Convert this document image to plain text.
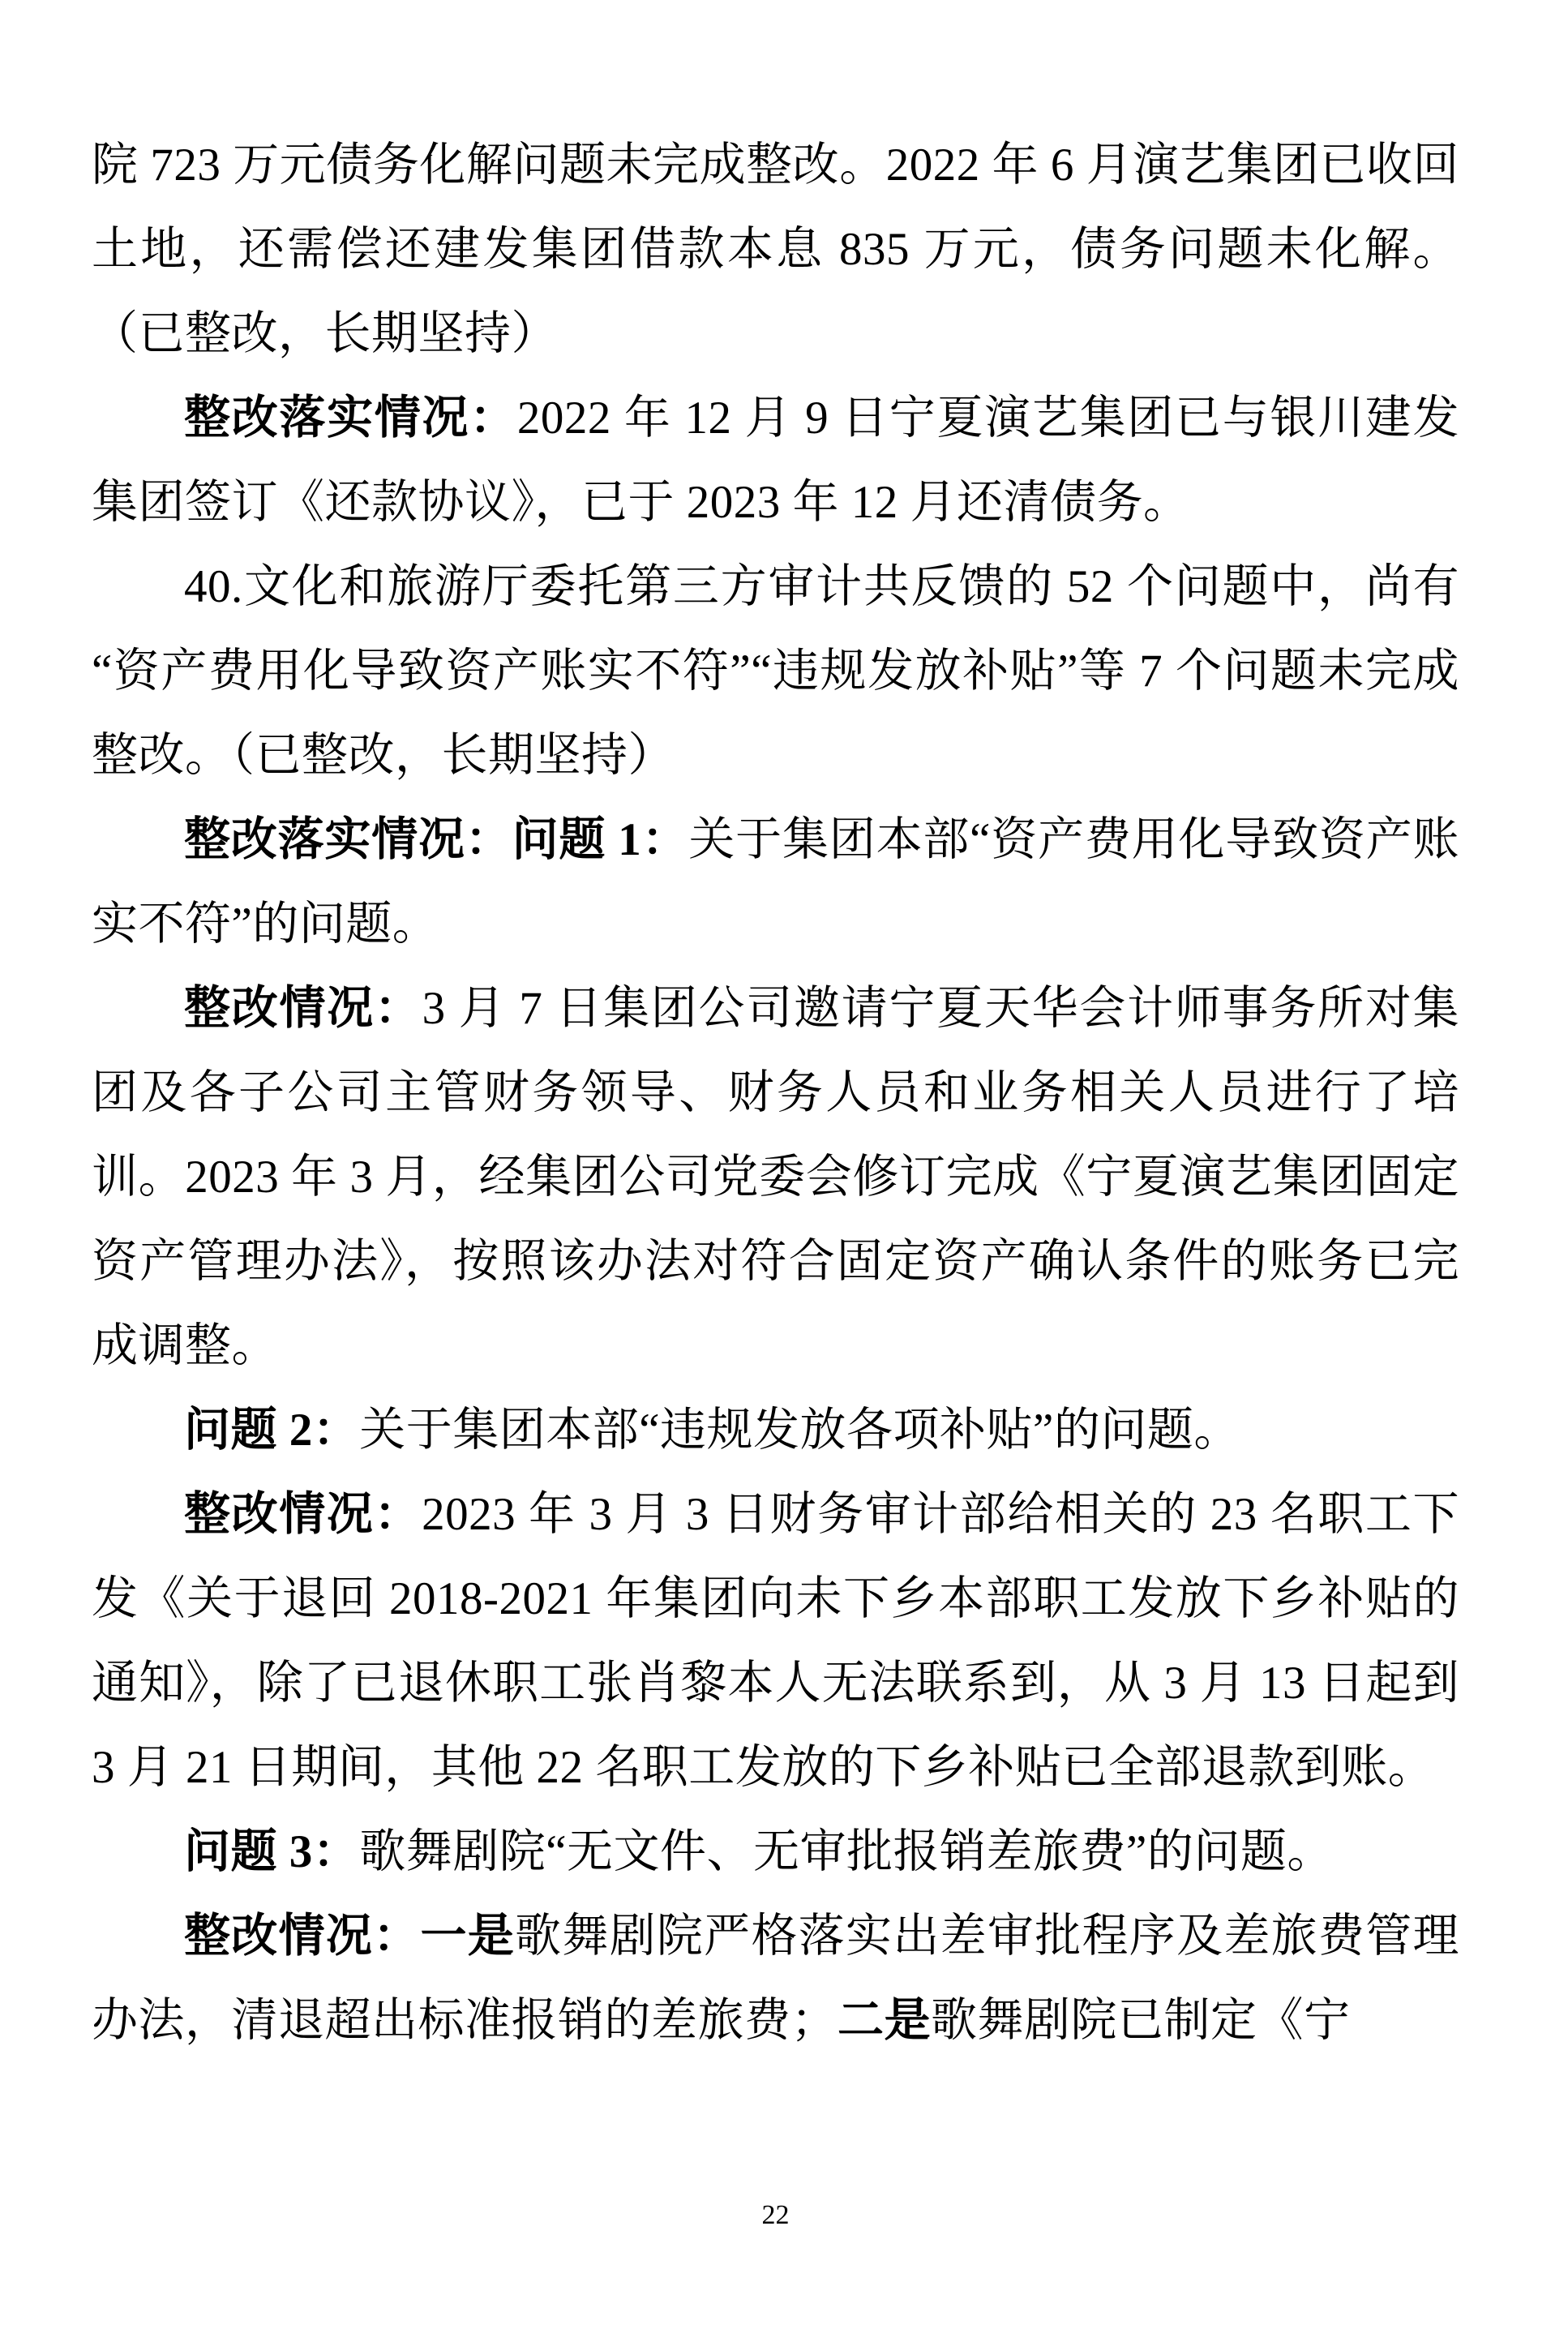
院 723 万元债务化解问题未完成整改。2022 年 6 月演艺集团已收回土地，还需偿还建发集团借款本息 835 万元，债务问题未化解。（已整改，长期坚持）

整改落实情况：2022 年 12 月 9 日宁夏演艺集团已与银川建发集团签订《还款协议》，已于 2023 年 12 月还清债务。

40.文化和旅游厅委托第三方审计共反馈的 52 个问题中，尚有“资产费用化导致资产账实不符”“违规发放补贴”等 7 个问题未完成整改。（已整改，长期坚持）

整改落实情况：问题 1：关于集团本部“资产费用化导致资产账实不符”的问题。

整改情况：3 月 7 日集团公司邀请宁夏天华会计师事务所对集团及各子公司主管财务领导、财务人员和业务相关人员进行了培训。2023 年 3 月，经集团公司党委会修订完成《宁夏演艺集团固定资产管理办法》，按照该办法对符合固定资产确认条件的账务已完成调整。

问题 2：关于集团本部“违规发放各项补贴”的问题。

整改情况：2023 年 3 月 3 日财务审计部给相关的 23 名职工下发《关于退回 2018-2021 年集团向未下乡本部职工发放下乡补贴的通知》，除了已退休职工张肖黎本人无法联系到，从 3 月 13 日起到 3 月 21 日期间，其他 22 名职工发放的下乡补贴已全部退款到账。

问题 3：歌舞剧院“无文件、无审批报销差旅费”的问题。

整改情况：一是歌舞剧院严格落实出差审批程序及差旅费管理办法，清退超出标准报销的差旅费；二是歌舞剧院已制定《宁

22
